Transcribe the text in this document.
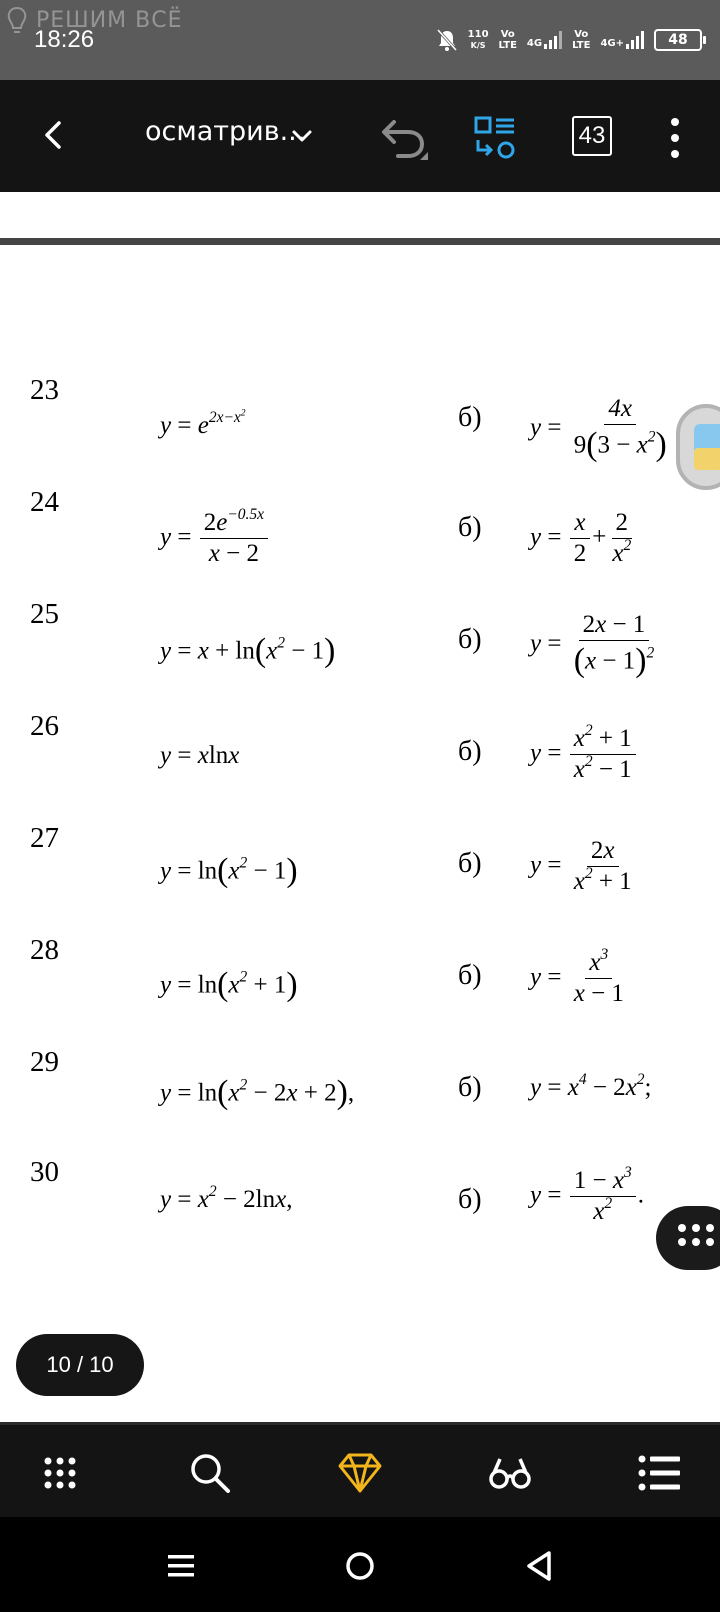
РЕШИМ ВСЁ
18:26	110
K/S
Vo
LTE 4G
Vo
LTE 4G+	48
осматрив...	43
23
$y = e^{2x-x^2}$	б) $y = \frac{4x}{9(3 - x^2)}$
24
$y = \frac{2e^{-0.5x}}{x - 2}$	б) $y = \frac{x}{2} + \frac{2}{x^2}$
25
$y = x + \ln(x^2 - 1)$	б) $y = \frac{2x - 1}{(x - 1)^2}$
26
y = xlnx	б) $y = \frac{x^2 + 1}{x^2 - 1}$
27
$y = \ln(x^2 - 1)$	б) $y = \frac{2x}{x^2 + 1}$
28
$y = \ln(x^2 + 1)$	б) $y = \frac{x^3}{x - 1}$
29
$y = \ln(x^2 - 2x + 2)$,	б) $y = x^4 - 2x^2$;
30
$y = x^2 - 2\ln x$,	б) $y = \frac{1 - x^3}{x^2}$ .
10 / 10
